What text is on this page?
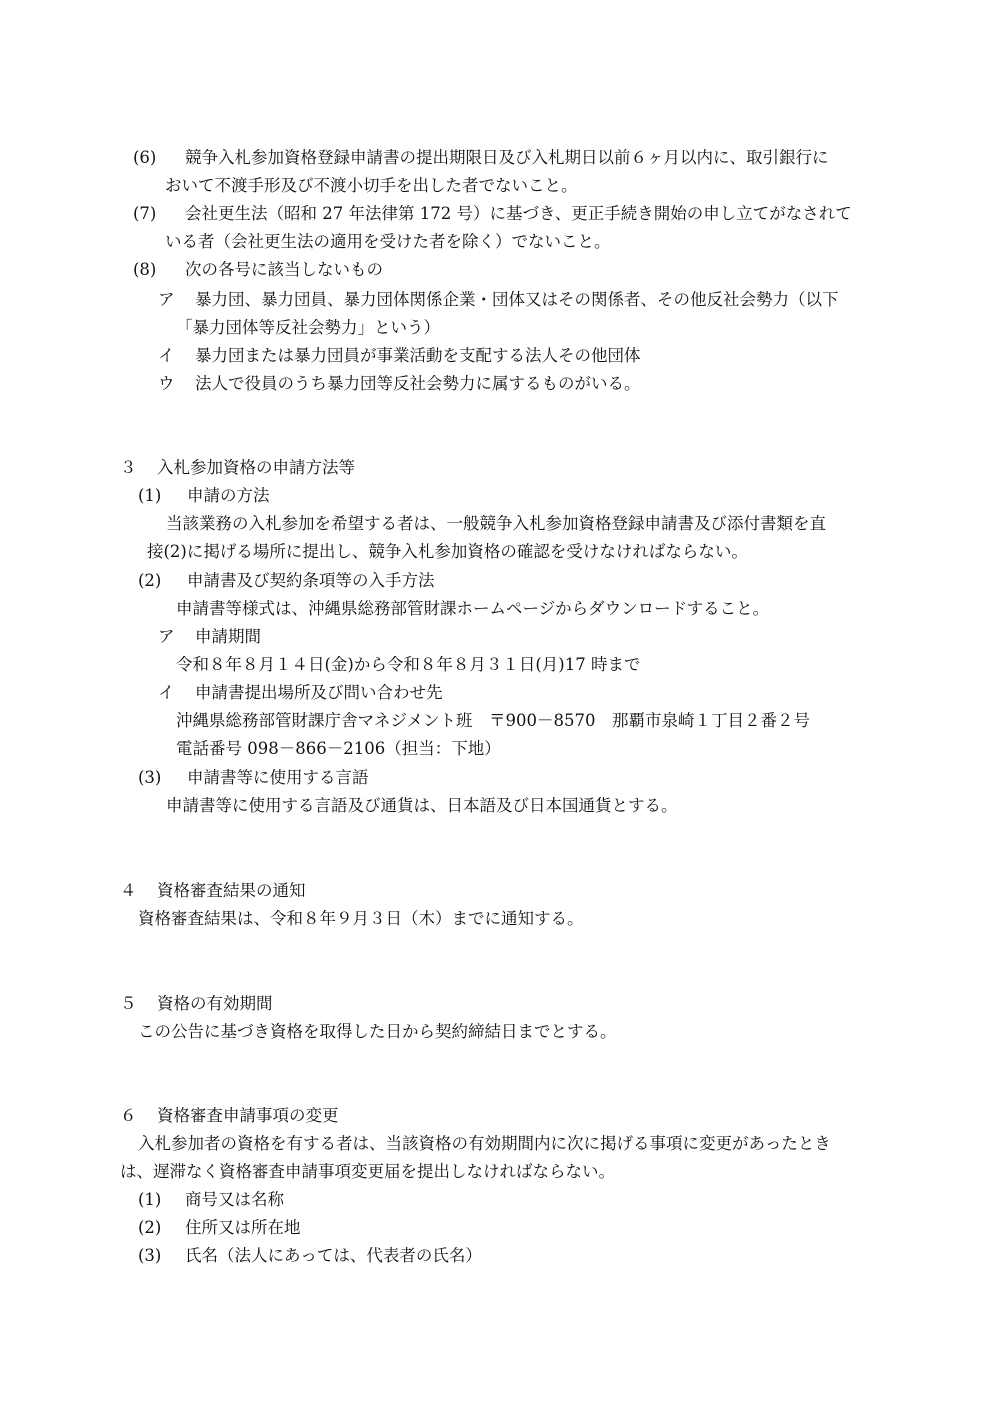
(6) 競争入札参加資格登録申請書の提出期限日及び入札期日以前６ヶ月以内に、取引銀行に
おいて不渡手形及び不渡小切手を出した者でないこと。
(7) 会社更生法（昭和 27 年法律第 172 号）に基づき、更正手続き開始の申し立てがなされて
いる者（会社更生法の適用を受けた者を除く）でないこと。
(8) 次の各号に該当しないもの
ア 暴力団、暴力団員、暴力団体関係企業・団体又はその関係者、その他反社会勢力（以下
「暴力団体等反社会勢力」という）
イ 暴力団または暴力団員が事業活動を支配する法人その他団体
ウ 法人で役員のうち暴力団等反社会勢力に属するものがいる。
３ 入札参加資格の申請方法等
(1) 申請の方法
当該業務の入札参加を希望する者は、一般競争入札参加資格登録申請書及び添付書類を直
接(2)に掲げる場所に提出し、競争入札参加資格の確認を受けなければならない。
(2) 申請書及び契約条項等の入手方法
申請書等様式は、沖縄県総務部管財課ホームページからダウンロードすること。
ア 申請期間
令和８年８月１４日(金)から令和８年８月３１日(月)17 時まで
イ 申請書提出場所及び問い合わせ先
沖縄県総務部管財課庁舎マネジメント班　〒900－8570　那覇市泉崎１丁目２番２号
電話番号 098－866－2106（担当：下地）
(3) 申請書等に使用する言語
申請書等に使用する言語及び通貨は、日本語及び日本国通貨とする。
４ 資格審査結果の通知
資格審査結果は、令和８年９月３日（木）までに通知する。
５ 資格の有効期間
この公告に基づき資格を取得した日から契約締結日までとする。
６ 資格審査申請事項の変更
入札参加者の資格を有する者は、当該資格の有効期間内に次に掲げる事項に変更があったとき
は、遅滞なく資格審査申請事項変更届を提出しなければならない。
(1) 商号又は名称
(2) 住所又は所在地
(3) 氏名（法人にあっては、代表者の氏名）
